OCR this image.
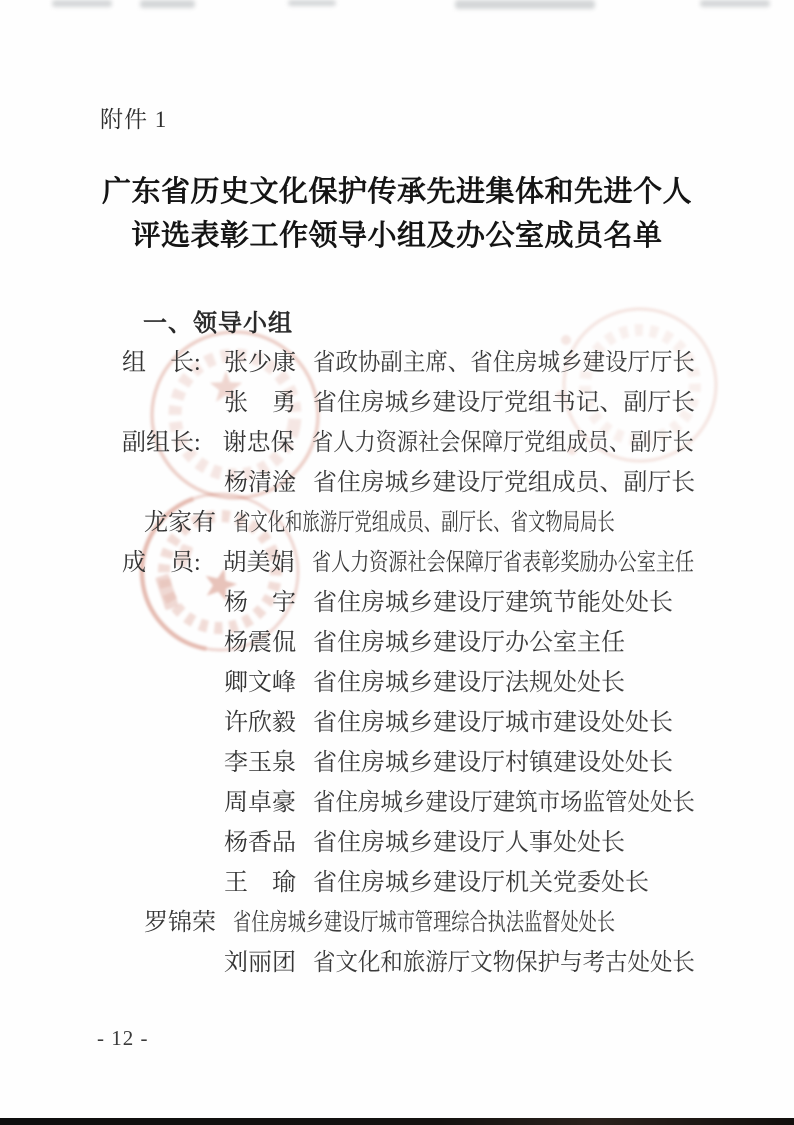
附件 1
广东省历史文化保护传承先进集体和先进个人
评选表彰工作领导小组及办公室成员名单
一、领导小组
组　长: 张少康 省政协副主席、省住房城乡建设厅厅长
张　勇 省住房城乡建设厅党组书记、副厅长
副组长: 谢忠保 省人力资源社会保障厅党组成员、副厅长
杨清淦 省住房城乡建设厅党组成员、副厅长
龙家有 省文化和旅游厅党组成员、副厅长、省文物局局长
成　员: 胡美娟 省人力资源社会保障厅省表彰奖励办公室主任
杨　宇 省住房城乡建设厅建筑节能处处长
杨震侃 省住房城乡建设厅办公室主任
卿文峰 省住房城乡建设厅法规处处长
许欣毅 省住房城乡建设厅城市建设处处长
李玉泉 省住房城乡建设厅村镇建设处处长
周卓豪 省住房城乡建设厅建筑市场监管处处长
杨香品 省住房城乡建设厅人事处处长
王　瑜 省住房城乡建设厅机关党委处长
罗锦荣 省住房城乡建设厅城市管理综合执法监督处处长
刘丽团 省文化和旅游厅文物保护与考古处处长
- 12 -
